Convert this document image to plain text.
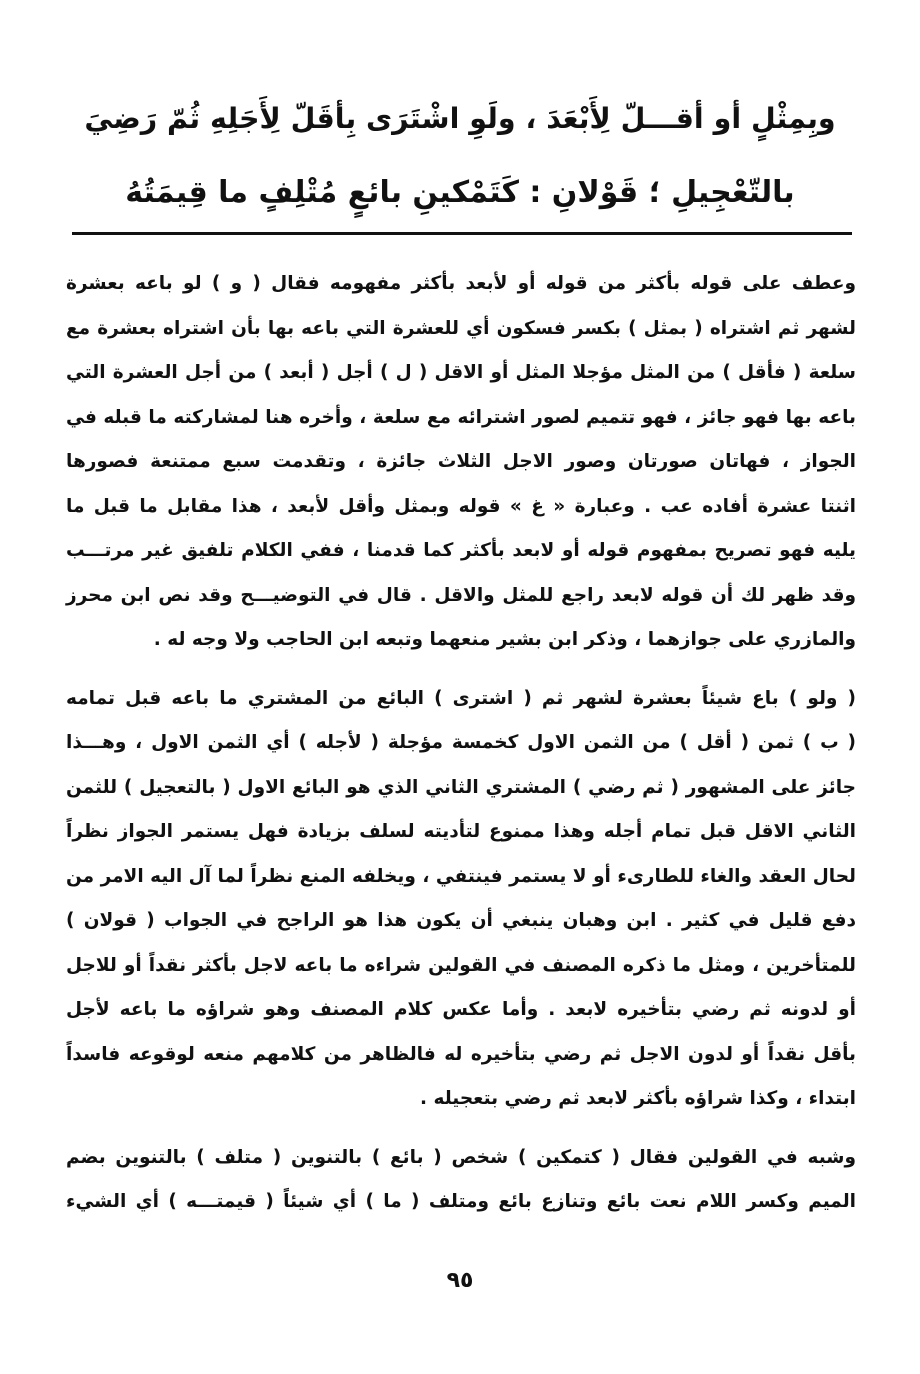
وبِمِثْلٍ أو أقـــلّ لِأَبْعَدَ ، ولَوِ اشْتَرَى بِأقَلّ لِأَجَلِهِ ثُمّ رَضِيَ
بالتّعْجِيلِ ؛ قَوْلانِ : كَتَمْكينِ بائعٍ مُتْلِفٍ ما قِيمَتُهُ
وعطف على قوله بأكثر من قوله أو لأبعد بأكثر مفهومه فقال ( و ) لو باعه بعشرة
لشهر ثم اشتراه ( بمثل ) بكسر فسكون أي للعشرة التي باعه بها بأن اشتراه بعشرة مع
سلعة ( فأقل ) من المثل مؤجلا المثل أو الاقل ( ل ) أجل ( أبعد ) من أجل العشرة التي
باعه بها فهو جائز ، فهو تتميم لصور اشترائه مع سلعة ، وأخره هنا لمشاركته ما قبله في
الجواز ، فهاتان صورتان وصور الاجل الثلاث جائزة ، وتقدمت سبع ممتنعة فصورها
اثنتا عشرة أفاده عب . وعبارة « غ » قوله وبمثل وأقل لأبعد ، هذا مقابل ما قبل ما
يليه فهو تصريح بمفهوم قوله أو لابعد بأكثر كما قدمنا ، ففي الكلام تلفيق غير مرتـــب
وقد ظهر لك أن قوله لابعد راجع للمثل والاقل . قال في التوضيـــح وقد نص ابن محرز
والمازري على جوازهما ، وذكر ابن بشير منعهما وتبعه ابن الحاجب ولا وجه له .
( ولو ) باع شيئاً بعشرة لشهر ثم ( اشترى ) البائع من المشتري ما باعه قبل تمامه
( ب ) ثمن ( أقل ) من الثمن الاول كخمسة مؤجلة ( لأجله ) أي الثمن الاول ، وهـــذا
جائز على المشهور ( ثم رضي ) المشتري الثاني الذي هو البائع الاول ( بالتعجيل ) للثمن
الثاني الاقل قبل تمام أجله وهذا ممنوع لتأديته لسلف بزيادة فهل يستمر الجواز نظراً
لحال العقد والغاء للطارىء أو لا يستمر فينتفي ، ويخلفه المنع نظراً لما آل اليه الامر من
دفع قليل في كثير . ابن وهبان ينبغي أن يكون هذا هو الراجح في الجواب ( قولان )
للمتأخرين ، ومثل ما ذكره المصنف في القولين شراءه ما باعه لاجل بأكثر نقداً أو للاجل
أو لدونه ثم رضي بتأخيره لابعد . وأما عكس كلام المصنف وهو شراؤه ما باعه لأجل
بأقل نقداً أو لدون الاجل ثم رضي بتأخيره له فالظاهر من كلامهم منعه لوقوعه فاسداً
ابتداء ، وكذا شراؤه بأكثر لابعد ثم رضي بتعجيله .
وشبه في القولين فقال ( كتمكين ) شخص ( بائع ) بالتنوين ( متلف ) بالتنوين بضم
الميم وكسر اللام نعت بائع وتنازع بائع ومتلف ( ما ) أي شيئاً ( قيمتـــه ) أي الشيء
٩٥
